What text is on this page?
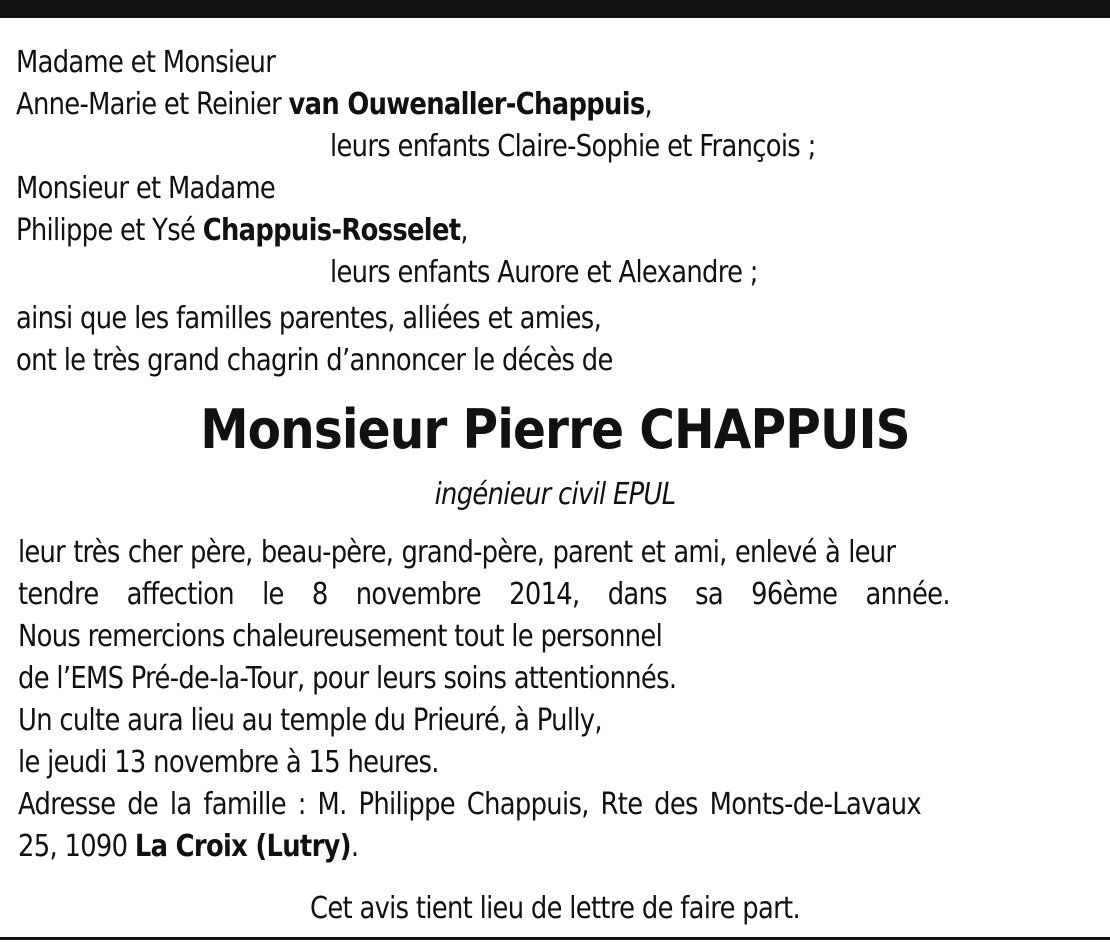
Madame et Monsieur
Anne-Marie et Reinier van Ouwenaller-Chappuis,
leurs enfants Claire-Sophie et François ;
Monsieur et Madame
Philippe et Ysé Chappuis-Rosselet,
leurs enfants Aurore et Alexandre ;
ainsi que les familles parentes, alliées et amies,
ont le très grand chagrin d’annoncer le décès de
Monsieur Pierre CHAPPUIS
ingénieur civil EPUL
leur très cher père, beau-père, grand-père, parent et ami, enlevé à leur
tendre affection le 8 novembre 2014, dans sa 96ème année.
Nous remercions chaleureusement tout le personnel
de l’EMS Pré-de-la-Tour, pour leurs soins attentionnés.
Un culte aura lieu au temple du Prieuré, à Pully,
le jeudi 13 novembre à 15 heures.
Adresse de la famille : M. Philippe Chappuis, Rte des Monts-de-Lavaux
25, 1090 La Croix (Lutry).
Cet avis tient lieu de lettre de faire part.
